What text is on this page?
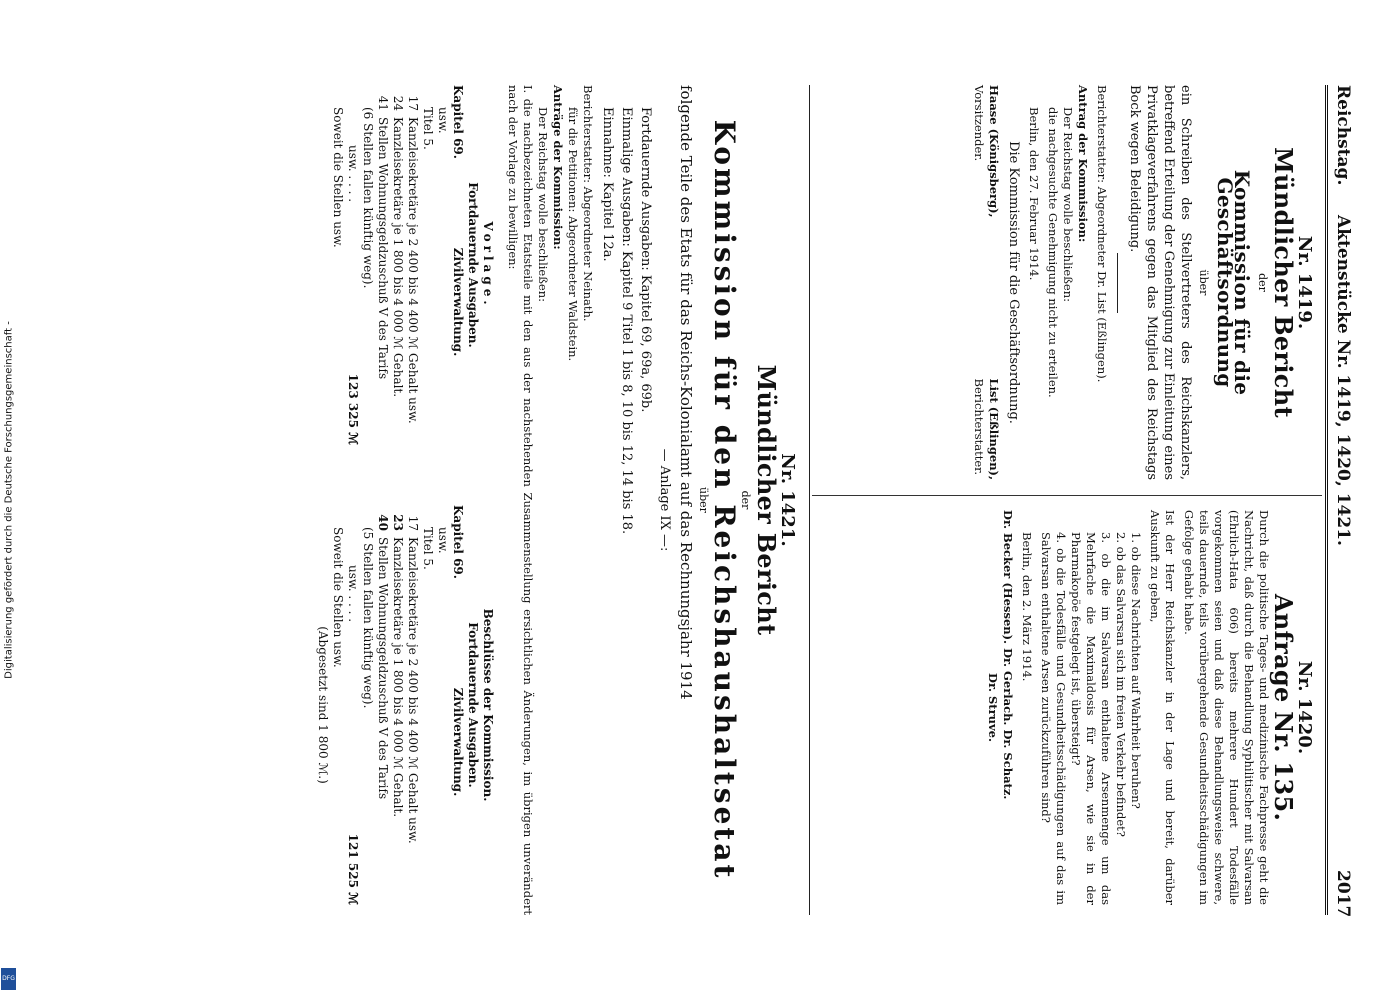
Digitalisierung gefördert durch die Deutsche Forschungsgemeinschaft -
DFG
Reichstag.
Aktenstücke Nr. 1419, 1420, 1421.
2017
Nr. 1419.
Mündlicher Bericht
der
Kommission für die Geschäftsordnung
über

ein Schreiben des Stellvertreters des Reichskanzlers, betreffend Erteilung der Genehmigung zur Einleitung eines Privatklageverfahrens gegen das Mitglied des Reichstags Bock wegen Beleidigung.

Berichterstatter: Abgeordneter Dr. List (Eßlingen).

Antrag der Kommission:

Der Reichstag wolle beschließen:

die nachgesuchte Genehmigung nicht zu erteilen.

Berlin, den 27. Februar 1914.

Die Kommission für die Geschäftsordnung.

Haase (Königsberg),
Vorsitzender.
List (Eßlingen),
Berichterstatter.
Nr. 1420.
Anfrage Nr. 135.

Durch die politische Tages- und medizinische Fachpresse geht die Nachricht, daß durch die Behandlung Syphilitischer mit Salvarsan (Ehrlich-Hata 606) bereits mehrere Hundert Todesfälle vorgekommen seien und daß diese Behandlungsweise schwere, teils dauernde, teils vorübergehende Gesundheitsschädigungen im Gefolge gehabt habe.

Ist der Herr Reichskanzler in der Lage und bereit, darüber Auskunft zu geben,

1. ob diese Nachrichten auf Wahrheit beruhen?

2. ob das Salvarsan sich im freien Verkehr befindet?

3. ob die im Salvarsan enthaltene Arsenmenge um das Mehrfache die Maximaldosis für Arsen, wie sie in der Pharmakopöe festgelegt ist, übersteigt?

4. ob die Todesfälle und Gesundheitsschädigungen auf das im Salvarsan enthaltene Arsen zurückzuführen sind?

Berlin, den 2. März 1914.

Dr. Becker (Hessen). Dr. Gerlach. Dr. Schatz.

Dr. Struve.

Nr. 1421.
Mündlicher Bericht
der
Kommission für den Reichshaushaltsetat
über

folgende Teile des Etats für das Reichs-Kolonialamt auf das Rechnungsjahr 1914

— Anlage IX —:

Fortdauernde Ausgaben: Kapitel 69, 69a, 69b.

Einmalige Ausgaben: Kapitel 9 Titel 1 bis 8, 10 bis 12, 14 bis 18.

Einnahme: Kapitel 12a.

Berichterstatter: Abgeordneter Neinath.

für die Petitionen: Abgeordneter Waldstein.

Anträge der Kommission:

Der Reichstag wolle beschließen:

I. die nachbezeichneten Etatsteile mit den aus der nachstehenden Zusammenstellung ersichtlichen Änderungen, im übrigen unverändert nach der Vorlage zu bewilligen:

Vorlage.
Fortdauernde Ausgaben.
Kapitel 69.
Zivilverwaltung.
usw.
Titel 5.
17
Kanzleisekretäre je 2 400 bis 4 400 ℳ Gehalt usw.
24
Kanzleisekretäre je 1 800 bis 4 000 ℳ Gehalt.
41
Stellen Wohnungsgeldzuschuß V des Tarifs
(6 Stellen fallen künftig weg).
usw. . . . .
123 325 ℳ
Soweit die Stellen usw.
Beschlüsse der Kommission.
Fortdauernde Ausgaben.
Kapitel 69.
Zivilverwaltung.
usw.
Titel 5.
17
Kanzleisekretäre je 2 400 bis 4 400 ℳ Gehalt usw.
23
Kanzleisekretäre je 1 800 bis 4 000 ℳ Gehalt.
40
Stellen Wohnungsgeldzuschuß V des Tarifs
(5 Stellen fallen künftig weg).
usw. . . . .
121 525 ℳ
Soweit die Stellen usw.
(Abgesetzt sind 1 800 ℳ.)
